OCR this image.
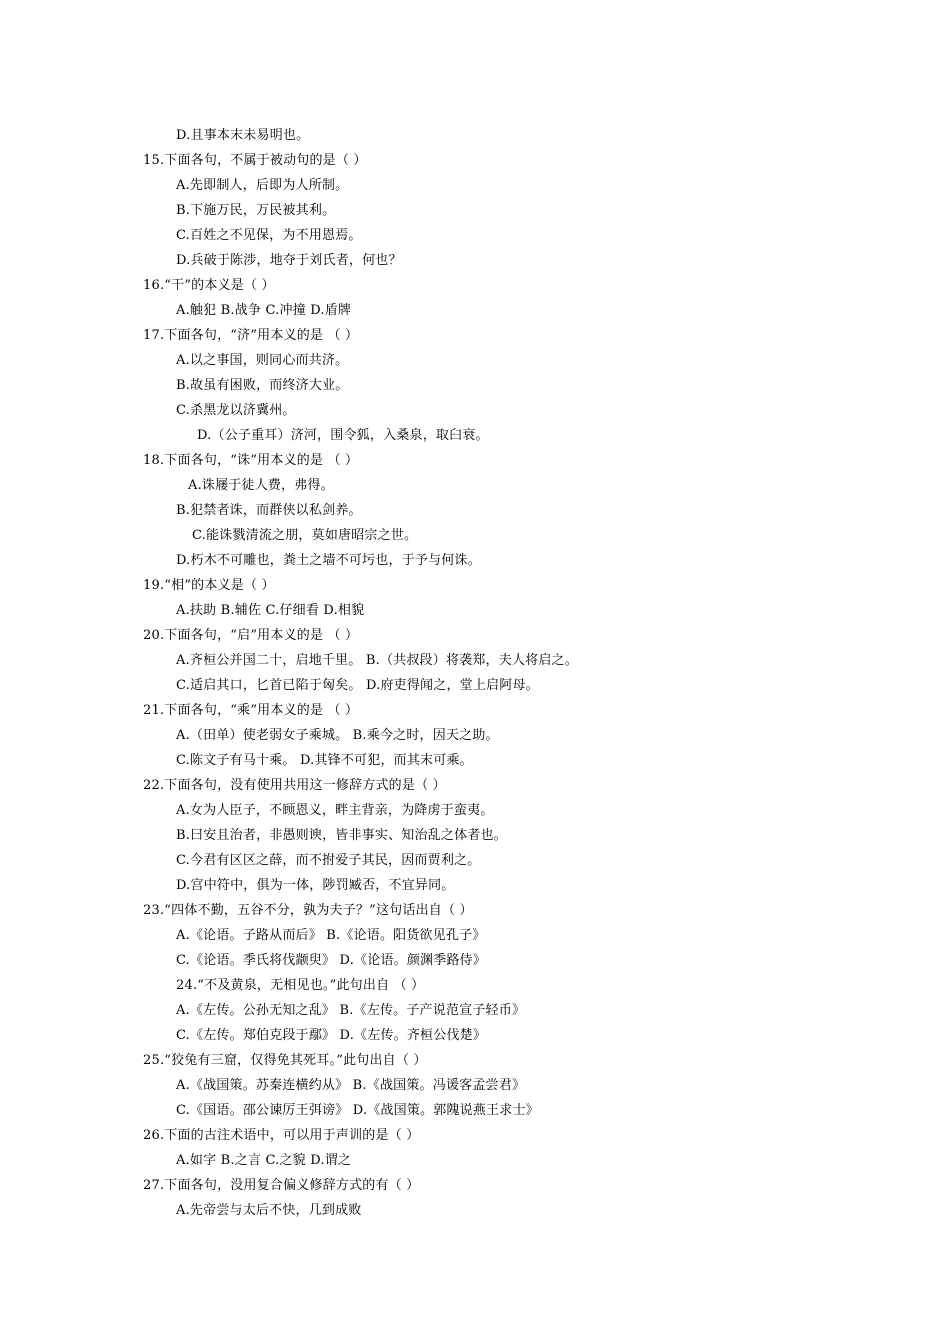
D.且事本末未易明也。
15.下面各句，不属于被动句的是（ ）
A.先即制人，后即为人所制。
B.下施万民，万民被其利。
C.百姓之不见保，为不用恩焉。
D.兵破于陈涉，地夺于刘氏者，何也？
16.“干”的本义是（ ）
A.触犯 B.战争 C.冲撞 D.盾牌
17.下面各句，“济”用本义的是 （ ）
A.以之事国，则同心而共济。
B.故虽有困败，而终济大业。
C.杀黑龙以济冀州。
D.（公子重耳）济河，围令狐，入桑泉，取臼衰。
18.下面各句，“诛”用本义的是 （ ）
A.诛屦于徒人费，弗得。
B.犯禁者诛，而群侠以私剑养。
C.能诛戮清流之朋，莫如唐昭宗之世。
D.朽木不可雕也，粪土之墙不可圬也，于予与何诛。
19.“相”的本义是（ ）
A.扶助 B.辅佐 C.仔细看 D.相貌
20.下面各句，“启”用本义的是 （ ）
A.齐桓公并国二十，启地千里。 B.（共叔段）将袭郑，夫人将启之。
C.适启其口，匕首已陷于匈矣。 D.府吏得闻之，堂上启阿母。
21.下面各句，“乘”用本义的是 （ ）
A.（田单）使老弱女子乘城。 B.乘今之时，因天之助。
C.陈文子有马十乘。 D.其锋不可犯，而其末可乘。
22.下面各句，没有使用共用这一修辞方式的是（ ）
A.女为人臣子，不顾恩义，畔主背亲，为降虏于蛮夷。
B.曰安且治者，非愚则谀，皆非事实、知治乱之体者也。
C.今君有区区之薛，而不拊爱子其民，因而贾利之。
D.宫中符中，俱为一体，陟罚臧否，不宜异同。
23.“四体不勤，五谷不分，孰为夫子？”这句话出自（ ）
A.《论语。子路从而后》 B.《论语。阳货欲见孔子》
C.《论语。季氏将伐颛臾》 D.《论语。颜渊季路侍》
24.“不及黄泉，无相见也。”此句出自 （ ）
A.《左传。公孙无知之乱》 B.《左传。子产说范宣子轻币》
C.《左传。郑伯克段于鄢》 D.《左传。齐桓公伐楚》
25.“狡兔有三窟，仅得免其死耳。”此句出自（ ）
A.《战国策。苏秦连横约从》 B.《战国策。冯谖客孟尝君》
C.《国语。邵公谏厉王弭谤》 D.《战国策。郭隗说燕王求士》
26.下面的古注术语中，可以用于声训的是（ ）
A.如字 B.之言 C.之貌 D.谓之
27.下面各句，没用复合偏义修辞方式的有（ ）
A.先帝尝与太后不快，几到成败
